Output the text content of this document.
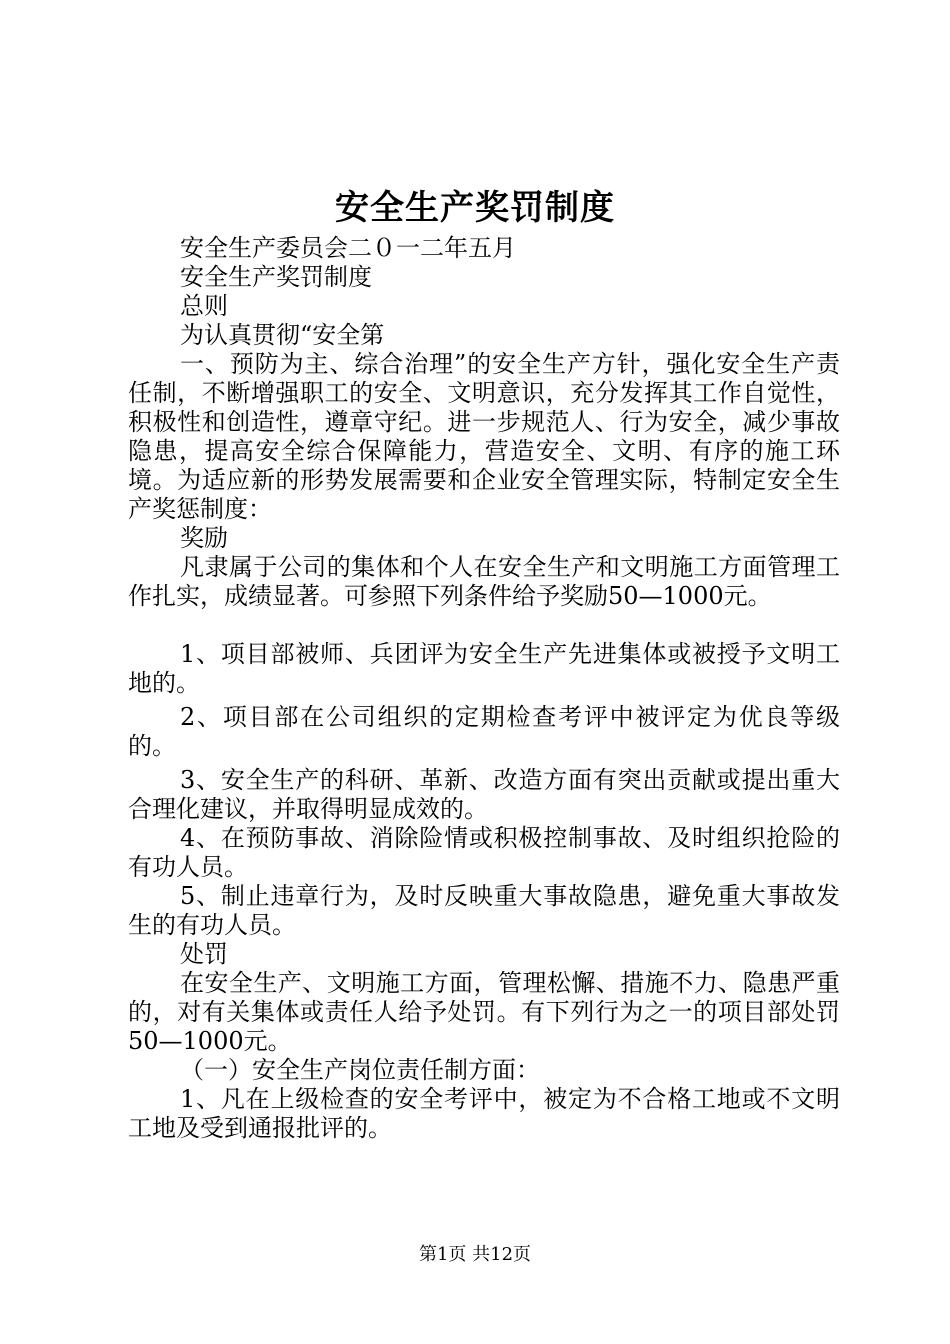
安全生产奖罚制度

安全生产委员会二０一二年五月

安全生产奖罚制度

总则

为认真贯彻“安全第

一、预防为主、综合治理”的安全生产方针，强化安全生产责任制，不断增强职工的安全、文明意识，充分发挥其工作自觉性，积极性和创造性，遵章守纪。进一步规范人、行为安全，减少事故隐患，提高安全综合保障能力，营造安全、文明、有序的施工环境。为适应新的形势发展需要和企业安全管理实际，特制定安全生产奖惩制度：

奖励

凡隶属于公司的集体和个人在安全生产和文明施工方面管理工作扎实，成绩显著。可参照下列条件给予奖励50—1000元。

1、项目部被师、兵团评为安全生产先进集体或被授予文明工地的。

2、项目部在公司组织的定期检查考评中被评定为优良等级的。

3、安全生产的科研、革新、改造方面有突出贡献或提出重大合理化建议，并取得明显成效的。

4、在预防事故、消除险情或积极控制事故、及时组织抢险的有功人员。

5、制止违章行为，及时反映重大事故隐患，避免重大事故发生的有功人员。

处罚

在安全生产、文明施工方面，管理松懈、措施不力、隐患严重的，对有关集体或责任人给予处罚。有下列行为之一的项目部处罚50—1000元。

（一）安全生产岗位责任制方面：

1、凡在上级检查的安全考评中，被定为不合格工地或不文明工地及受到通报批评的。

第1页 共12页
